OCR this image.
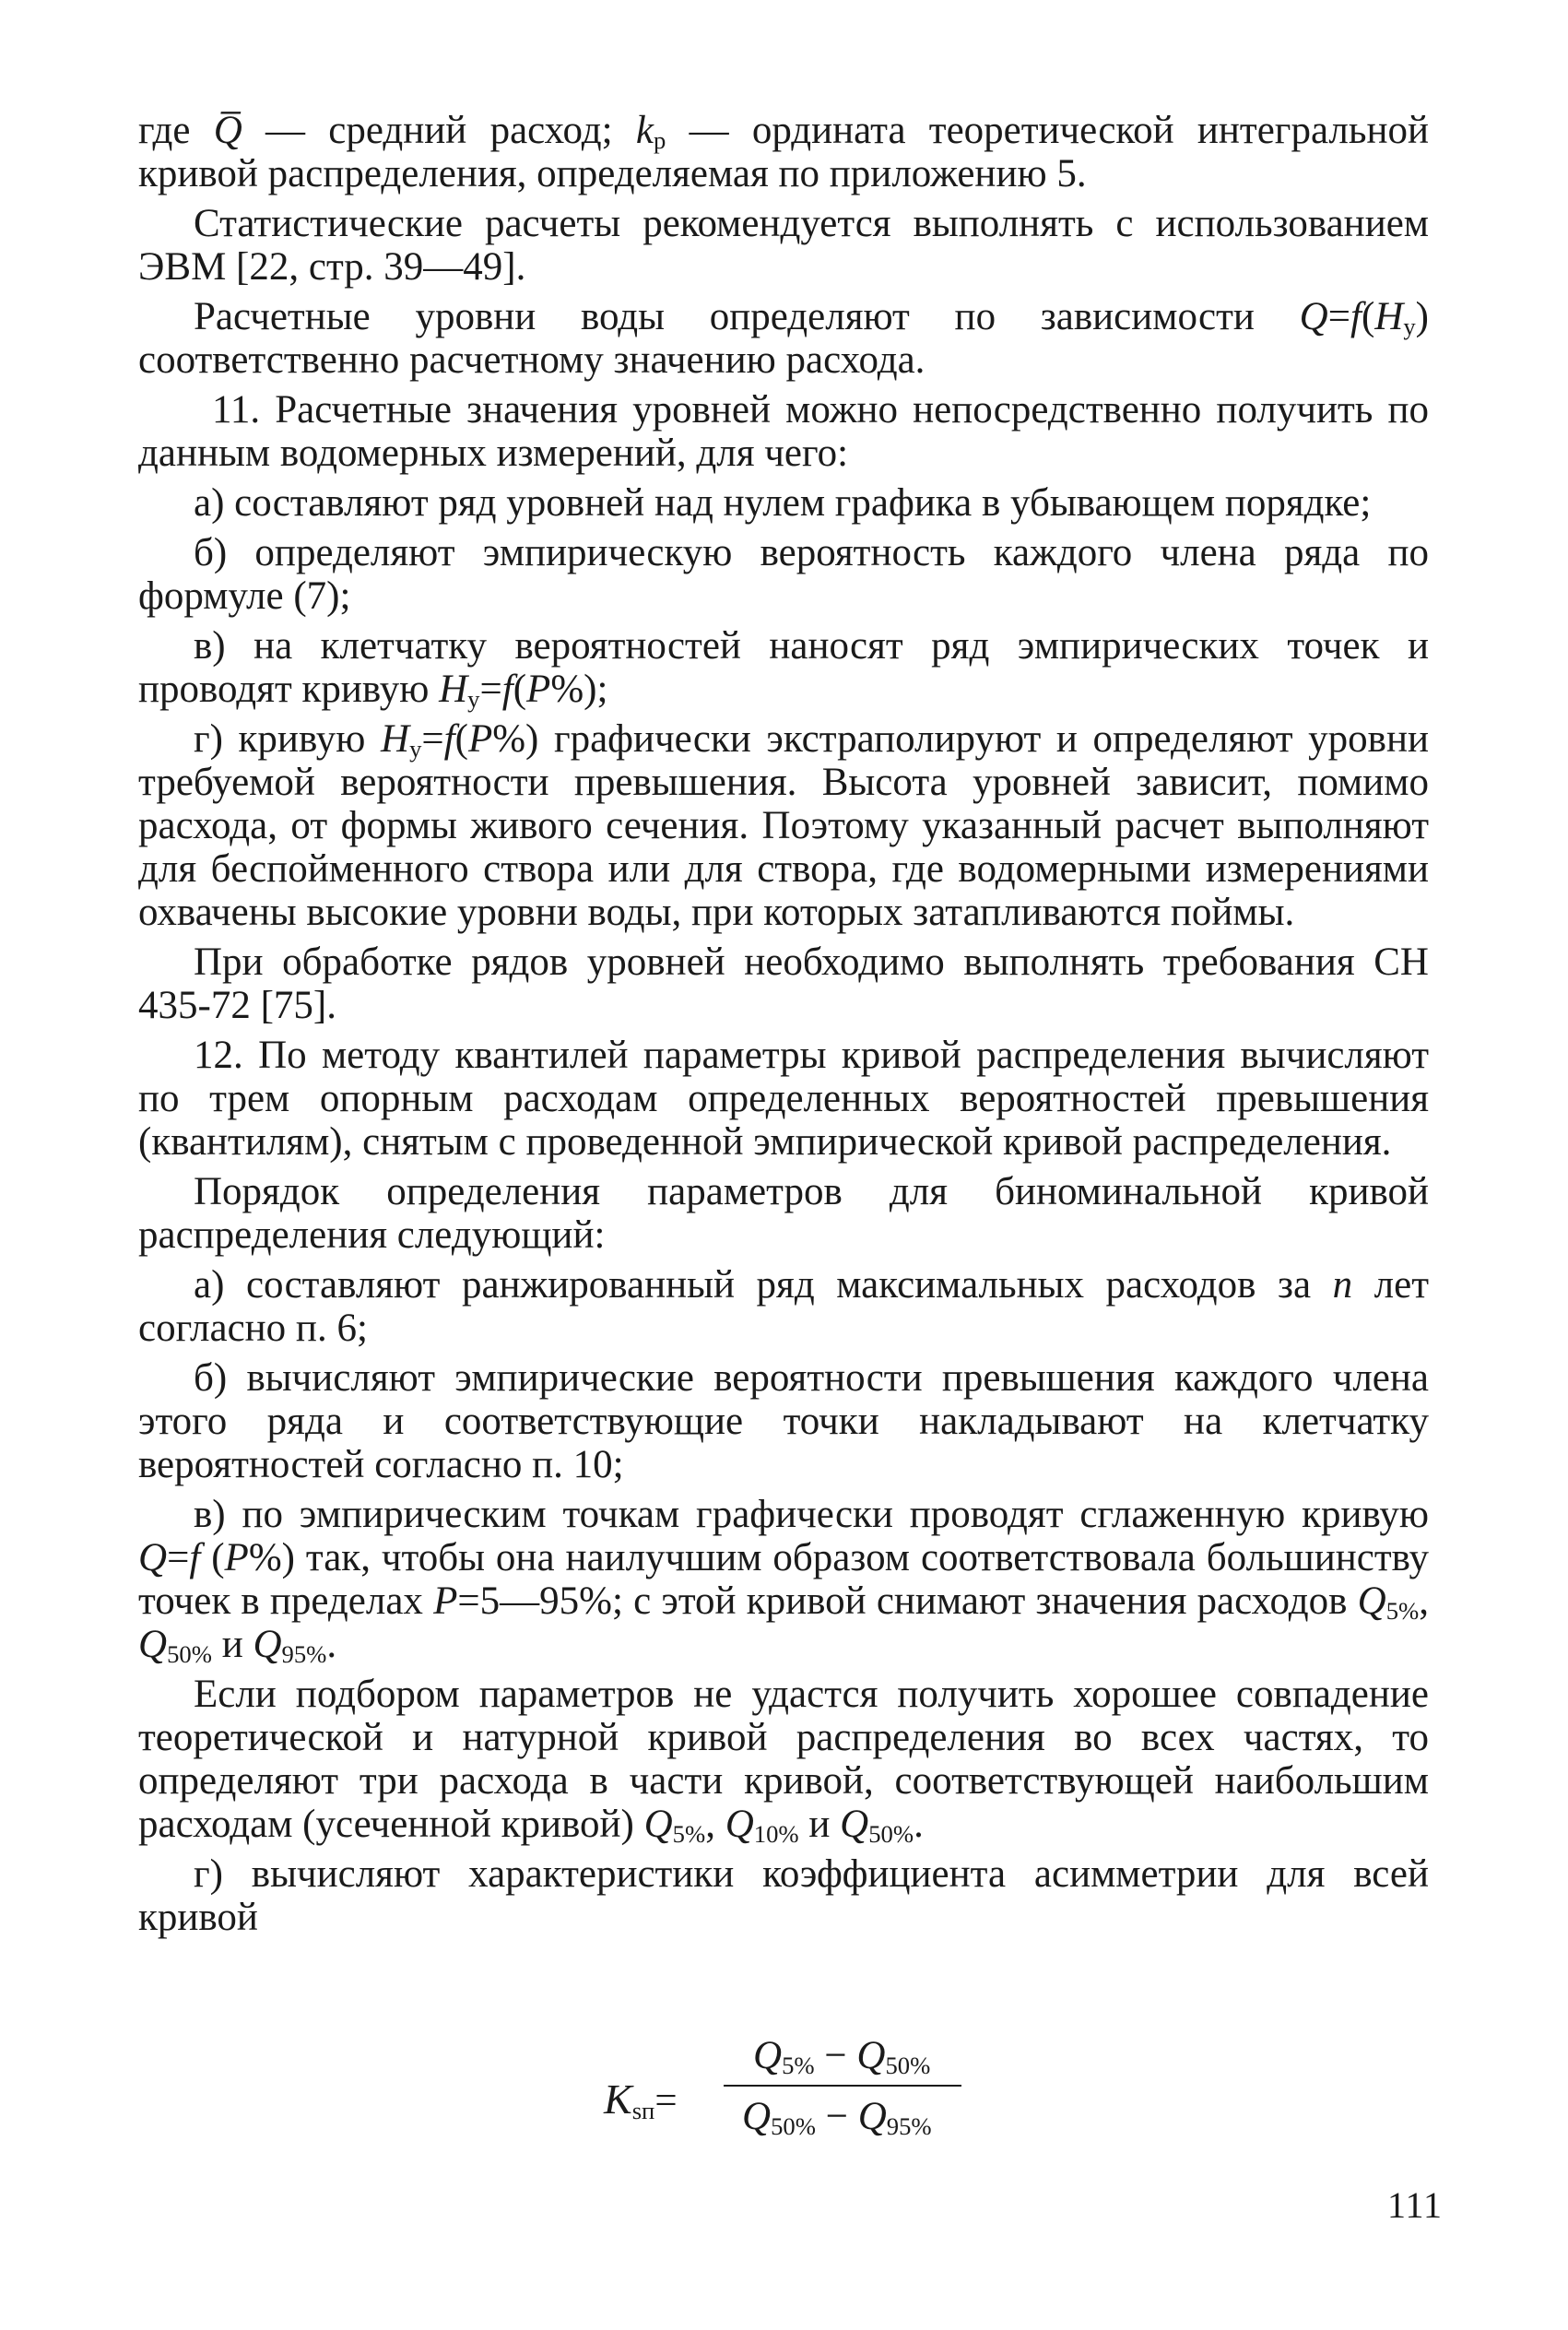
где Q̅ — средний расход; $k_р$ — ордината теоретической интегральной кривой распределения, определяемая по приложению 5.

Статистические расчеты рекомендуется выполнять с использованием ЭВМ [22, стр. 39—49].

Расчетные уровни воды определяют по зависимости $Q=f(H_у)$ соответственно расчетному значению расхода.

11. Расчетные значения уровней можно непосредственно получить по данным водомерных измерений, для чего:

а) составляют ряд уровней над нулем графика в убывающем порядке;

б) определяют эмпирическую вероятность каждого члена ряда по формуле (7);

в) на клетчатку вероятностей наносят ряд эмпирических точек и проводят кривую $H_у=f(P\%)$;

г) кривую $H_у=f(P\%)$ графически экстраполируют и определяют уровни требуемой вероятности превышения. Высота уровней зависит, помимо расхода, от формы живого сечения. Поэтому указанный расчет выполняют для беспойменного створа или для створа, где водомерными измерениями охвачены высокие уровни воды, при которых затапливаются поймы.

При обработке рядов уровней необходимо выполнять требования СН 435-72 [75].

12. По методу квантилей параметры кривой распределения вычисляют по трем опорным расходам определенных вероятностей превышения (квантилям), снятым с проведенной эмпирической кривой распределения.

Порядок определения параметров для биноминальной кривой распределения следующий:

а) составляют ранжированный ряд максимальных расходов за n лет согласно п. 6;

б) вычисляют эмпирические вероятности превышения каждого члена этого ряда и соответствующие точки накладывают на клетчатку вероятностей согласно п. 10;

в) по эмпирическим точкам графически проводят сглаженную кривую Q=f (P%) так, чтобы она наилучшим образом соответствовала большинству точек в пределах P=5—95%; с этой кривой снимают значения расходов $Q_{5\%}$, $Q_{50\%}$ и $Q_{95\%}$.

Если подбором параметров не удастся получить хорошее совпадение теоретической и натурной кривой распределения во всех частях, то определяют три расхода в части кривой, соответствующей наибольшим расходам (усеченной кривой) $Q_{5\%}$, $Q_{10\%}$ и $Q_{50\%}$.

г) вычисляют характеристики коэффициента асимметрии для всей кривой

$K_{sп}=$
$Q_{5\%} - Q_{50\%}$
$Q_{50\%} - Q_{95\%}$
111
